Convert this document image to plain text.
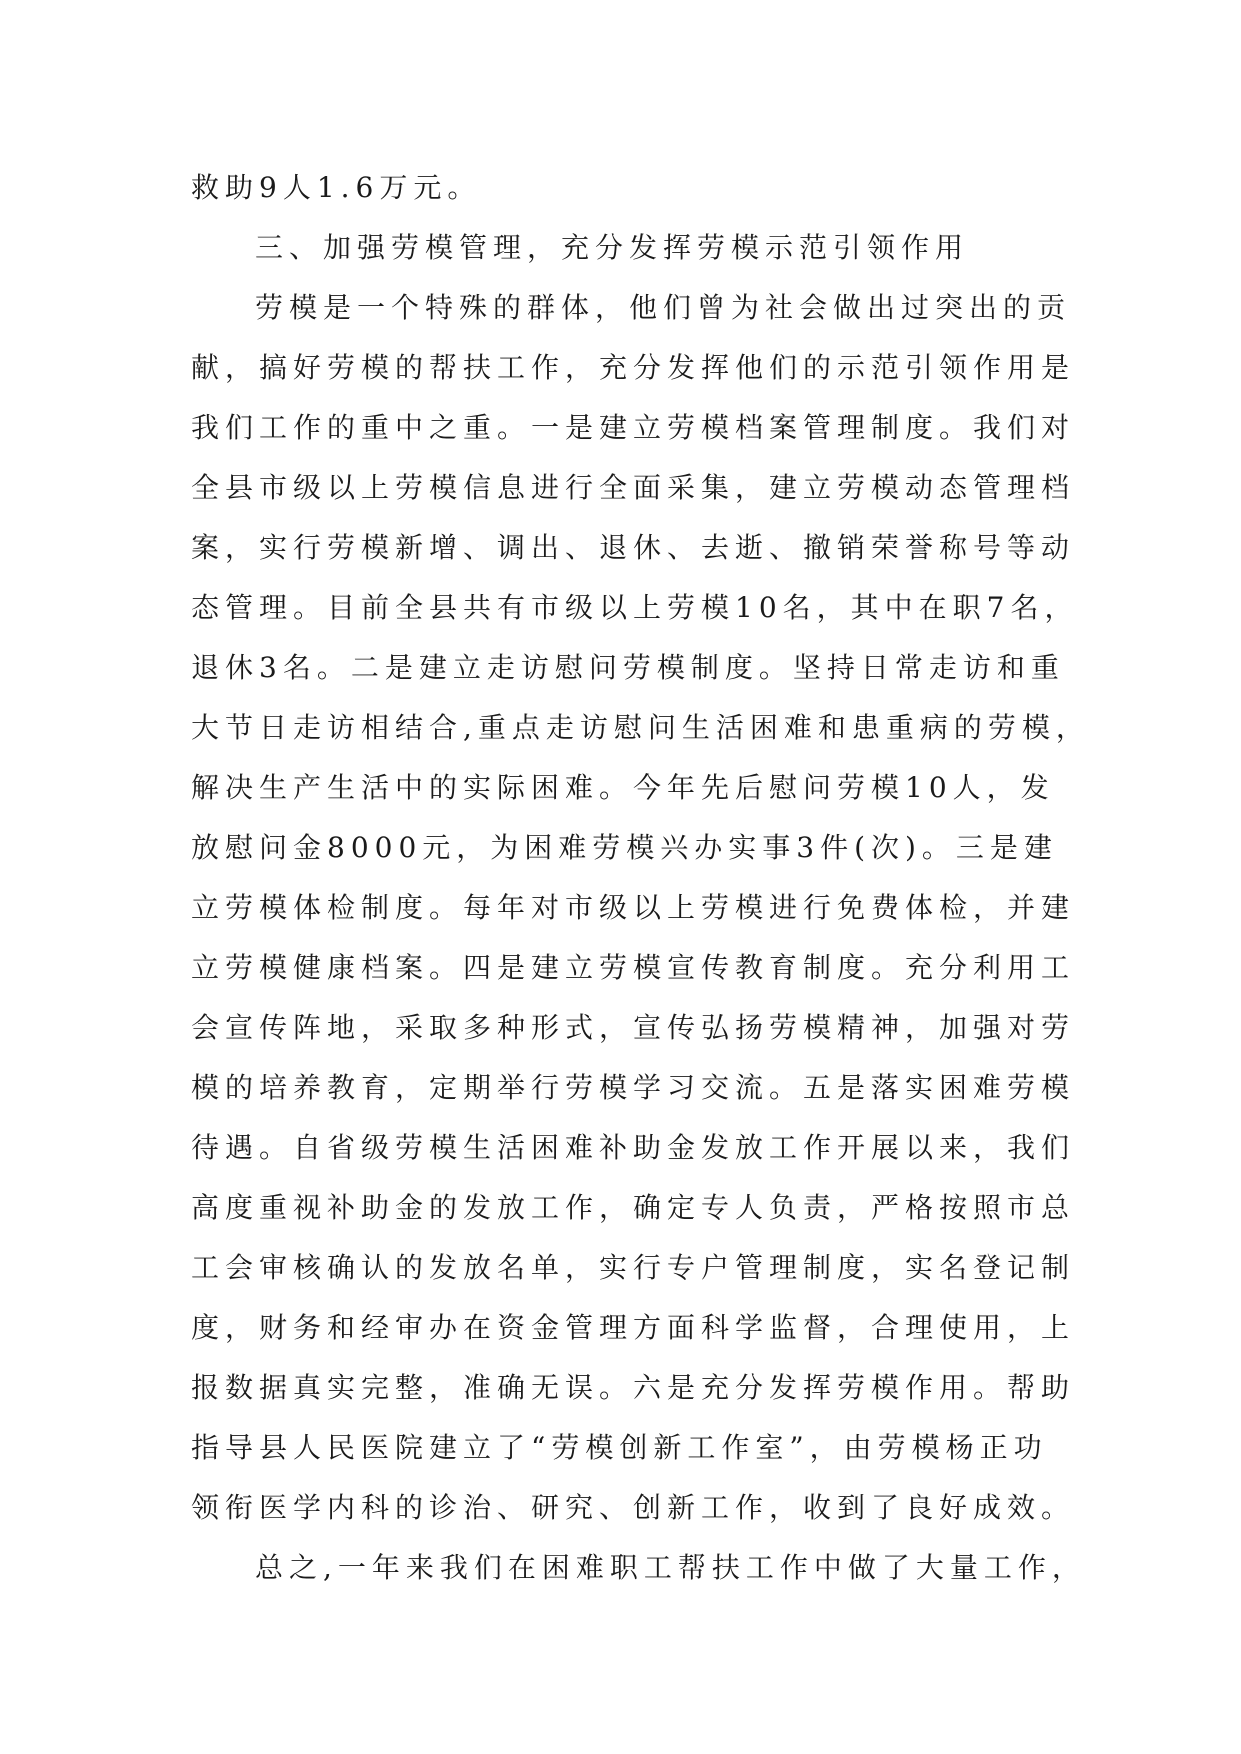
救助9人1.6万元。
三、加强劳模管理，充分发挥劳模示范引领作用
劳模是一个特殊的群体，他们曾为社会做出过突出的贡
献，搞好劳模的帮扶工作，充分发挥他们的示范引领作用是
我们工作的重中之重。一是建立劳模档案管理制度。我们对
全县市级以上劳模信息进行全面采集，建立劳模动态管理档
案，实行劳模新增、调出、退休、去逝、撤销荣誉称号等动
态管理。目前全县共有市级以上劳模10名，其中在职7名，
退休3名。二是建立走访慰问劳模制度。坚持日常走访和重
大节日走访相结合,重点走访慰问生活困难和患重病的劳模，
解决生产生活中的实际困难。今年先后慰问劳模10人，发
放慰问金8000元，为困难劳模兴办实事3件(次)。三是建
立劳模体检制度。每年对市级以上劳模进行免费体检，并建
立劳模健康档案。四是建立劳模宣传教育制度。充分利用工
会宣传阵地，采取多种形式，宣传弘扬劳模精神，加强对劳
模的培养教育，定期举行劳模学习交流。五是落实困难劳模
待遇。自省级劳模生活困难补助金发放工作开展以来，我们
高度重视补助金的发放工作，确定专人负责，严格按照市总
工会审核确认的发放名单，实行专户管理制度，实名登记制
度，财务和经审办在资金管理方面科学监督，合理使用，上
报数据真实完整，准确无误。六是充分发挥劳模作用。帮助
指导县人民医院建立了“劳模创新工作室”，由劳模杨正功
领衔医学内科的诊治、研究、创新工作，收到了良好成效。
总之,一年来我们在困难职工帮扶工作中做了大量工作，
